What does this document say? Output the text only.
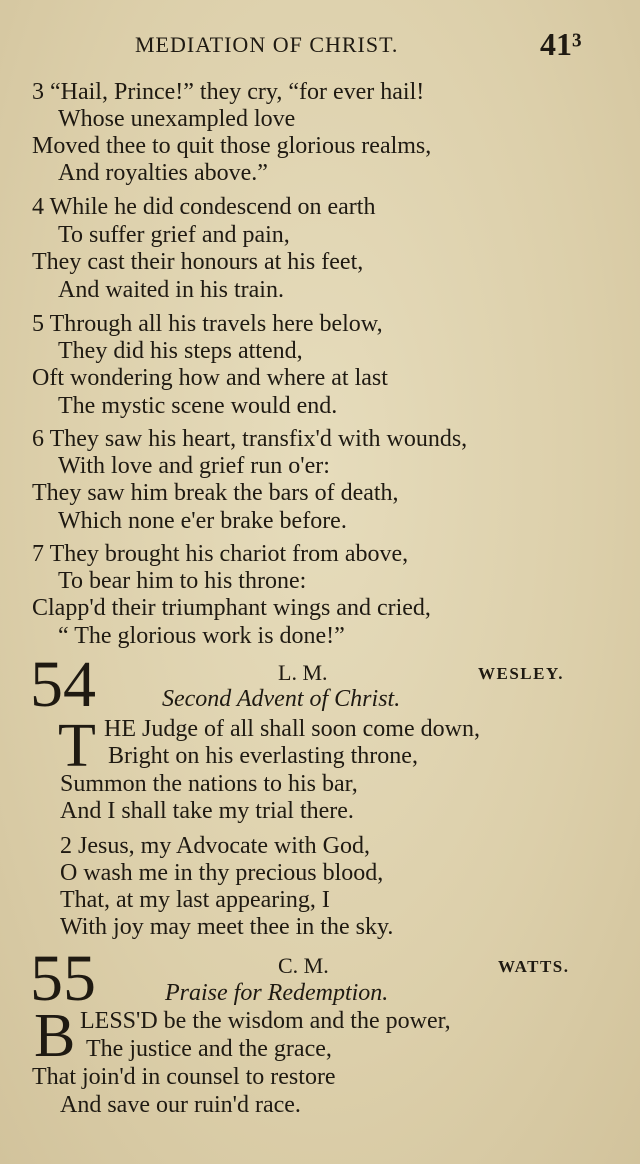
MEDIATION OF CHRIST.	41³
3 “Hail, Prince!” they cry, “for ever hail!
Whose unexampled love
Moved thee to quit those glorious realms,
And royalties above.”
4 While he did condescend on earth
To suffer grief and pain,
They cast their honours at his feet,
And waited in his train.
5 Through all his travels here below,
They did his steps attend,
Oft wondering how and where at last
The mystic scene would end.
6 They saw his heart, transfix'd with wounds,
With love and grief run o'er:
They saw him break the bars of death,
Which none e'er brake before.
7 They brought his chariot from above,
To bear him to his throne:
Clapp'd their triumphant wings and cried,
“ The glorious work is done!”
54	L. M.	WESLEY.
Second Advent of Christ.
T HE Judge of all shall soon come down,
Bright on his everlasting throne,
Summon the nations to his bar,
And I shall take my trial there.
2 Jesus, my Advocate with God,
O wash me in thy precious blood,
That, at my last appearing, I
With joy may meet thee in the sky.
55	C. M.	WATTS.
Praise for Redemption.
B LESS'D be the wisdom and the power,
The justice and the grace,
That join'd in counsel to restore
And save our ruin'd race.
